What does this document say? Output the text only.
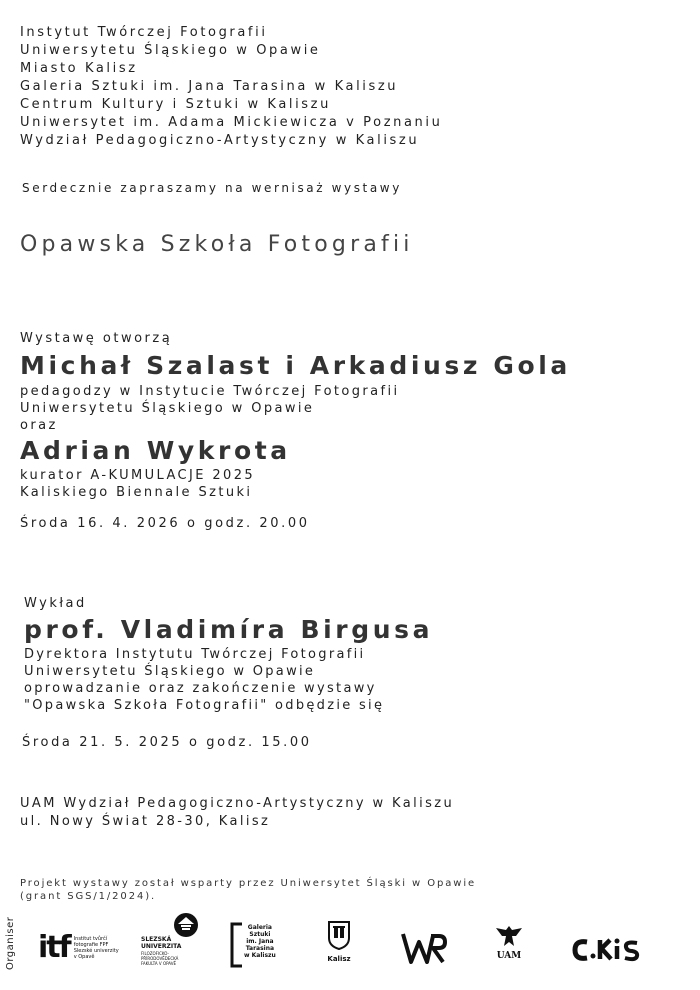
Instytut Twórczej Fotografii
Uniwersytetu Śląskiego w Opawie
Miasto Kalisz
Galeria Sztuki im. Jana Tarasina w Kaliszu
Centrum Kultury i Sztuki w Kaliszu
Uniwersytet im. Adama Mickiewicza v Poznaniu
Wydział Pedagogiczno-Artystyczny w Kaliszu
Serdecznie zapraszamy na wernisaż wystawy
Opawska Szkoła Fotografii
Wystawę otworzą
Michał Szalast i Arkadiusz Gola
pedagodzy w Instytucie Twórczej Fotografii
Uniwersytetu Śląskiego w Opawie
oraz
Adrian Wykrota
kurator A-KUMULACJE 2025
Kaliskiego Biennale Sztuki
Środa 16. 4. 2026 o godz. 20.00
Wykład
prof. Vladimíra Birgusa
Dyrektora Instytutu Twórczej Fotografii
Uniwersytetu Śląskiego w Opawie
oprowadzanie oraz zakończenie wystawy
"Opawska Szkoła Fotografii" odbędzie się
Środa 21. 5. 2025 o godz. 15.00
UAM Wydział Pedagogiczno-Artystyczny w Kaliszu
ul. Nowy Świat 28-30, Kalisz
Projekt wystawy został wsparty przez Uniwersytet Śląski w Opawie
(grant SGS/1/2024).
Organiser itf Institut tvůrčí
fotografie FPF
Slezské univerzity
v Opavě
SLEZSKÁ
UNIVERZITA
FILOZOFICKO-
PŘÍRODOVĚDECKÁ
FAKULTA V OPAVĚ
Galeria
Sztuki
im. Jana
Tarasina
w Kaliszu	Kalisz	UAM
